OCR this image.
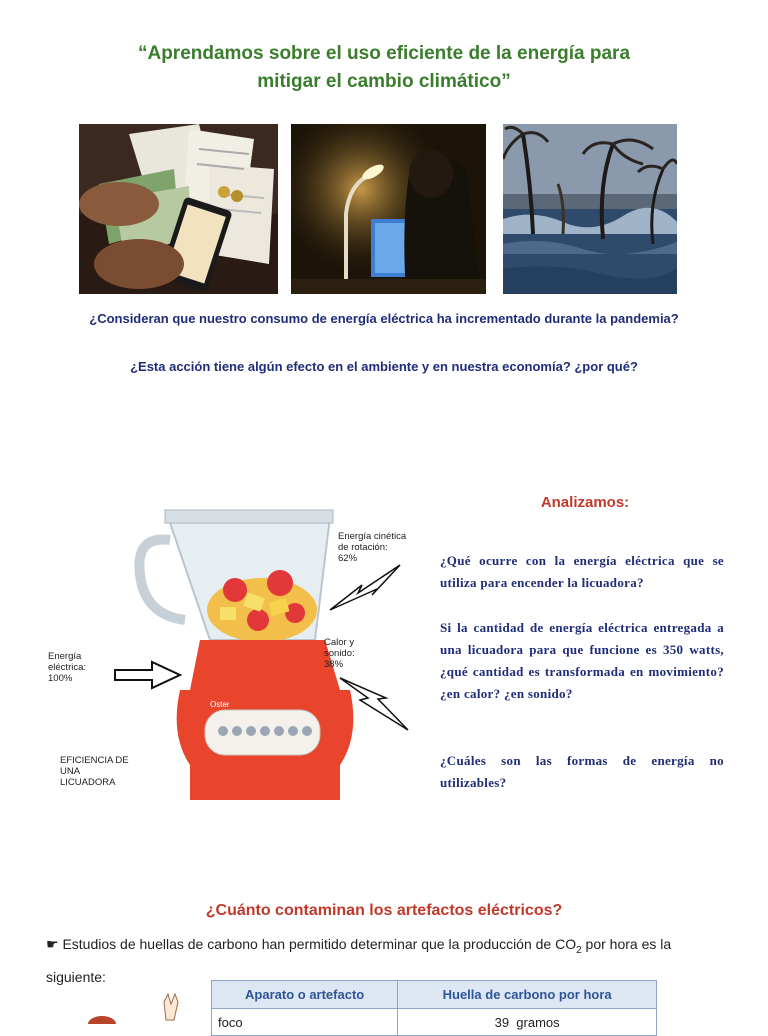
“Aprendamos sobre el uso eficiente de la energía para
mitigar el cambio climático”
¿Consideran que nuestro consumo de energía eléctrica ha incrementado durante la pandemia?
¿Esta acción tiene algún efecto en el ambiente y en nuestra economía? ¿por qué?
Oster
Energía cinética
de rotación:
62%
Calor y
sonido:
38%
Energía
eléctrica:
100%
EFICIENCIA DE
UNA
LICUADORA
Analizamos:
¿Qué ocurre con la energía eléctrica que se utiliza para encender la licuadora?
Si la cantidad de energía eléctrica entregada a una licuadora para que funcione es 350 watts, ¿qué cantidad es transformada en movimiento? ¿en calor? ¿en sonido?
¿Cuáles son las formas de energía no utilizables?
¿Cuánto contaminan los artefactos eléctricos?
☛ Estudios de huellas de carbono han permitido determinar que la producción de $CO_2$ por hora es la siguiente:
Aparato o artefacto	Huella de carbono por hora
foco	39  gramos
